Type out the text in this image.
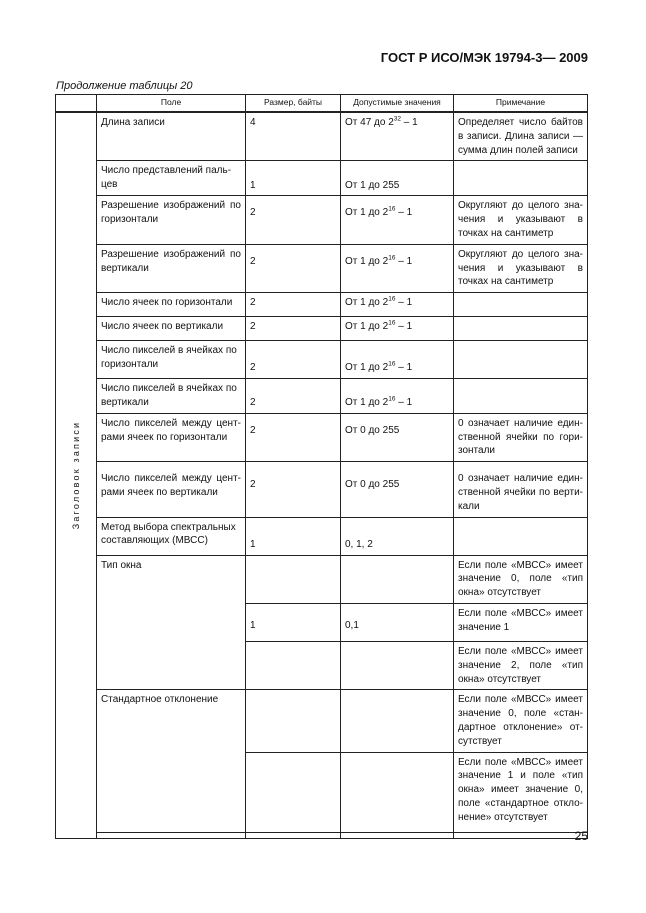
ГОСТ Р ИСО/МЭК 19794-3— 2009
Продолжение таблицы 20
	Поле	Размер, байты	Допустимые значения	Примечание

Заголовок записи	Длина записи	4	От 47 до $2^{32} - 1$	Определяет число байтов в записи. Длина записи — сумма длин полей записи
	Число представлений паль-цев	1	От 1 до 255	
	Разрешение изображений по горизонтали	2	От 1 до $2^{16} - 1$	Округляют до целого зна-чения и указывают в точках на сантиметр
	Разрешение изображений по вертикали	2	От 1 до $2^{16} - 1$	Округляют до целого зна-чения и указывают в точках на сантиметр
	Число ячеек по горизонтали	2	От 1 до $2^{16} - 1$	
	Число ячеек по вертикали	2	От 1 до $2^{16} - 1$	
	Число пикселей в ячейках по горизонтали	2	От 1 до $2^{16} - 1$	
	Число пикселей в ячейках по вертикали	2	От 1 до $2^{16} - 1$	
	Число пикселей между цент-рами ячеек по горизонтали	2	От 0 до 255	0 означает наличие един-ственной ячейки по гори-зонтали
	Число пикселей между цент-рами ячеек по вертикали	2	От 0 до 255	0 означает наличие един-ственной ячейки по верти-кали
	Метод выбора спектральных составляющих (МВСС)	1	0, 1, 2	
	Тип окна			Если поле «МВСС» имеет значение 0, поле «тип окна» отсутствует
		1	0,1	Если поле «МВСС» имеет значение 1
				Если поле «МВСС» имеет значение 2, поле «тип окна» отсутствует
	Стандартное отклонение			Если поле «МВСС» имеет значение 0, поле «стан-дартное отклонение» от-сутствует
				Если поле «МВСС» имеет значение 1 и поле «тип окна» имеет значение 0, поле «стандартное откло-нение» отсутствует

25
